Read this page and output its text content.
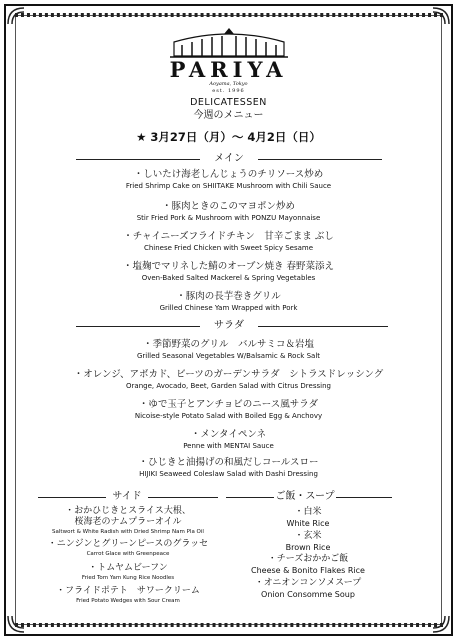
PARIYA
Aoyama, Tokyo
est. 1996
DELICATESSEN
今週のメニュー
★ 3月27日（月）〜 4月2日（日）
メイン
・しいたけ海老しんじょうのチリソース炒め
Fried Shrimp Cake on SHIITAKE Mushroom with Chili Sauce
・豚肉ときのこのマヨポン炒め
Stir Fried Pork & Mushroom with PONZU Mayonnaise
・チャイニーズフライドチキン　甘辛ごまま ぶし
Chinese Fried Chicken with Sweet Spicy Sesame
・塩麹でマリネした鯖のオーブン焼き 春野菜添え
Oven-Baked Salted Mackerel & Spring Vegetables
・豚肉の長芋巻きグリル
Grilled Chinese Yam Wrapped with Pork
サラダ
・季節野菜のグリル　バルサミコ＆岩塩
Grilled Seasonal Vegetables W/Balsamic & Rock Salt
・オレンジ、アボカド、ビーツのガーデンサラダ　シトラスドレッシング
Orange, Avocado, Beet, Garden Salad with Citrus Dressing
・ゆで玉子とアンチョビのニース風サラダ
Nicoise-style Potato Salad with Boiled Egg & Anchovy
・メンタイペンネ
Penne with MENTAI Sauce
・ひじきと油揚げの和風だしコールスロー
HIJIKI Seaweed Coleslaw Salad with Dashi Dressing
サイド
・おかひじきとスライス大根、
桜海老のナムプラーオイル
Saltwort & White Radish with Dried Shrimp Nam Pla Oil
・ニンジンとグリーンピースのグラッセ
Carrot Glace with Greenpeace
・トムヤムビーフン
Fried Tom Yam Kung Rice Noodles
・フライドポテト　サワークリーム
Fried Potato Wedges with Sour Cream
ご飯・スープ
・白米
White Rice
・玄米
Brown Rice
・チーズおかかご飯
Cheese & Bonito Flakes Rice
・オニオンコンソメスープ
Onion Consomme Soup
